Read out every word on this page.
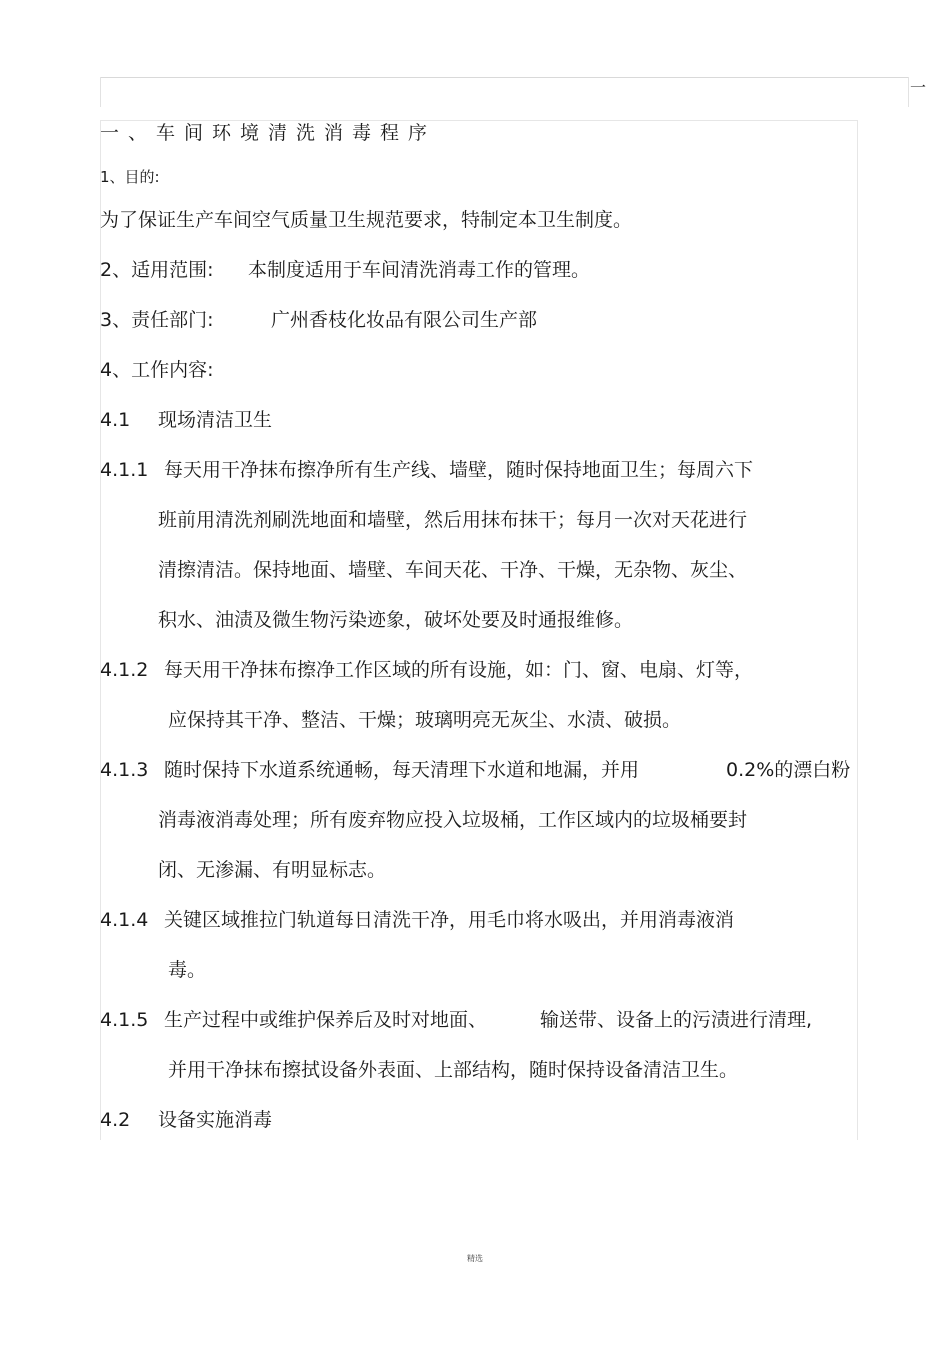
一
一、车间环境清洗消毒程序
1、目的:
为了保证生产车间空气质量卫生规范要求，特制定本卫生制度。
2、适用范围: 本制度适用于车间清洗消毒工作的管理。
3、责任部门:	广州香枝化妆品有限公司生产部
4、工作内容:
4.1 现场清洁卫生
4.1.1 每天用干净抹布擦净所有生产线、墙壁，随时保持地面卫生；每周六下
班前用清洗剂刷洗地面和墙壁，然后用抹布抹干；每月一次对天花进行
清擦清洁。保持地面、墙壁、车间天花、干净、干燥，无杂物、灰尘、
积水、油渍及微生物污染迹象，破坏处要及时通报维修。
4.1.2 每天用干净抹布擦净工作区域的所有设施，如：门、窗、电扇、灯等，
应保持其干净、整洁、干燥；玻璃明亮无灰尘、水渍、破损。
4.1.3 随时保持下水道系统通畅，每天清理下水道和地漏，并用	0.2%的漂白粉
消毒液消毒处理；所有废弃物应投入垃圾桶，工作区域内的垃圾桶要封
闭、无渗漏、有明显标志。
4.1.4 关键区域推拉门轨道每日清洗干净，用毛巾将水吸出，并用消毒液消
毒。
4.1.5 生产过程中或维护保养后及时对地面、	输送带、设备上的污渍进行清理,
并用干净抹布擦拭设备外表面、上部结构，随时保持设备清洁卫生。
4.2 设备实施消毒
精选
